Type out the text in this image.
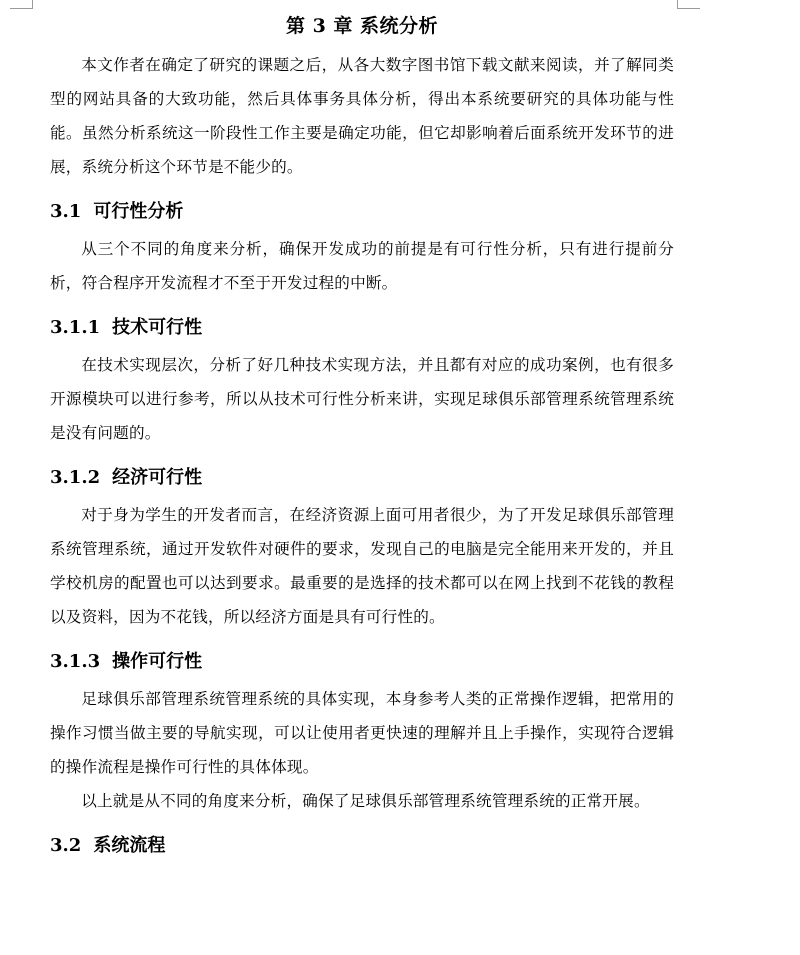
第 3 章 系统分析

本文作者在确定了研究的课题之后，从各大数字图书馆下载文献来阅读，并了解同类型的网站具备的大致功能，然后具体事务具体分析，得出本系统要研究的具体功能与性能。虽然分析系统这一阶段性工作主要是确定功能，但它却影响着后面系统开发环节的进展，系统分析这个环节是不能少的。

3.1 可行性分析

从三个不同的角度来分析，确保开发成功的前提是有可行性分析，只有进行提前分析，符合程序开发流程才不至于开发过程的中断。

3.1.1 技术可行性

在技术实现层次，分析了好几种技术实现方法，并且都有对应的成功案例，也有很多开源模块可以进行参考，所以从技术可行性分析来讲，实现足球俱乐部管理系统管理系统是没有问题的。

3.1.2 经济可行性

对于身为学生的开发者而言，在经济资源上面可用者很少，为了开发足球俱乐部管理系统管理系统，通过开发软件对硬件的要求，发现自己的电脑是完全能用来开发的，并且学校机房的配置也可以达到要求。最重要的是选择的技术都可以在网上找到不花钱的教程以及资料，因为不花钱，所以经济方面是具有可行性的。

3.1.3 操作可行性

足球俱乐部管理系统管理系统的具体实现，本身参考人类的正常操作逻辑，把常用的操作习惯当做主要的导航实现，可以让使用者更快速的理解并且上手操作，实现符合逻辑的操作流程是操作可行性的具体体现。

以上就是从不同的角度来分析，确保了足球俱乐部管理系统管理系统的正常开展。

3.2 系统流程
